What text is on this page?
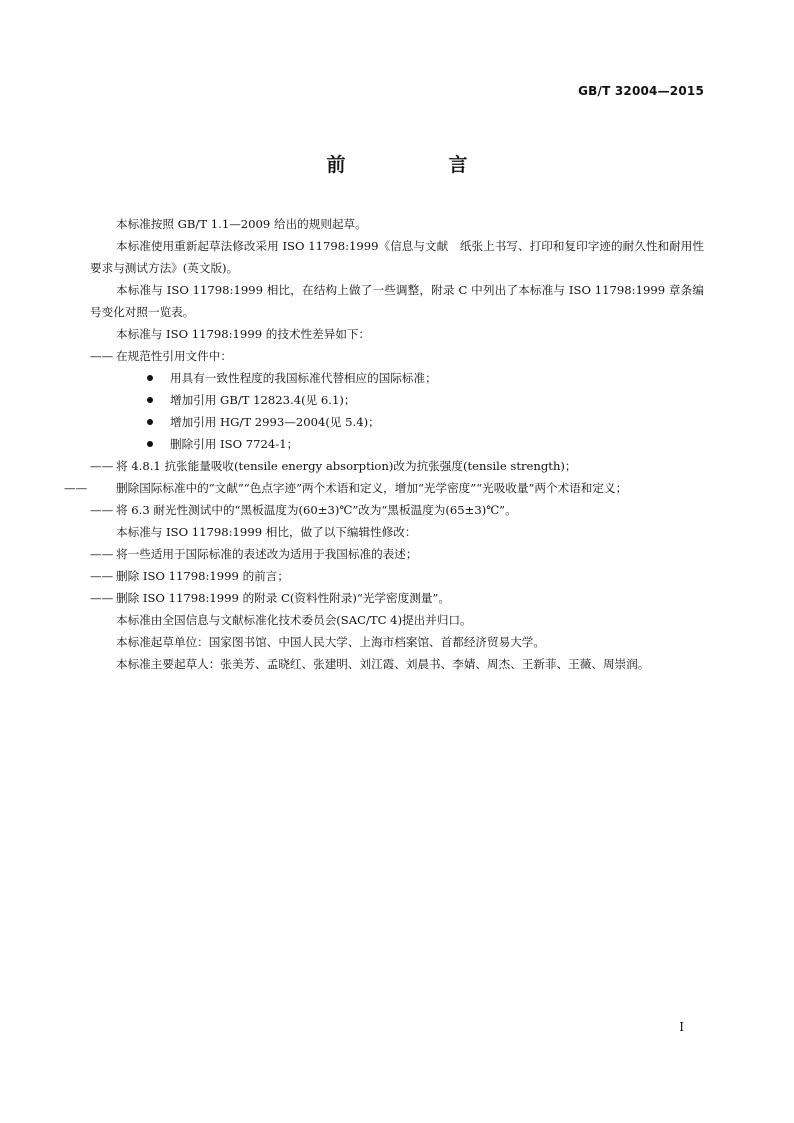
GB/T 32004—2015
前　言
本标准按照 GB/T 1.1—2009 给出的规则起草。
本标准使用重新起草法修改采用 ISO 11798:1999《信息与文献　纸张上书写、打印和复印字迹的耐久性和耐用性　要求与测试方法》(英文版)。
本标准与 ISO 11798:1999 相比，在结构上做了一些调整，附录 C 中列出了本标准与 ISO 11798:1999 章条编号变化对照一览表。
本标准与 ISO 11798:1999 的技术性差异如下：
—— 在规范性引用文件中：
用具有一致性程度的我国标准代替相应的国际标准；
增加引用 GB/T 12823.4(见 6.1)；
增加引用 HG/T 2993—2004(见 5.4)；
删除引用 ISO 7724-1；
—— 将 4.8.1 抗张能量吸收(tensile energy absorption)改为抗张强度(tensile strength)；
—— 删除国际标准中的“文献”“色点字迹”两个术语和定义，增加“光学密度”“光吸收量”两个术语和定义；
—— 将 6.3 耐光性测试中的“黑板温度为(60±3)℃”改为“黑板温度为(65±3)℃”。
本标准与 ISO 11798:1999 相比，做了以下编辑性修改：
—— 将一些适用于国际标准的表述改为适用于我国标准的表述；
—— 删除 ISO 11798:1999 的前言；
—— 删除 ISO 11798:1999 的附录 C(资料性附录)“光学密度测量”。
本标准由全国信息与文献标准化技术委员会(SAC/TC 4)提出并归口。
本标准起草单位：国家图书馆、中国人民大学、上海市档案馆、首都经济贸易大学。
本标准主要起草人：张美芳、孟晓红、张建明、刘江霞、刘晨书、李婧、周杰、王新菲、王薇、周崇润。
I
